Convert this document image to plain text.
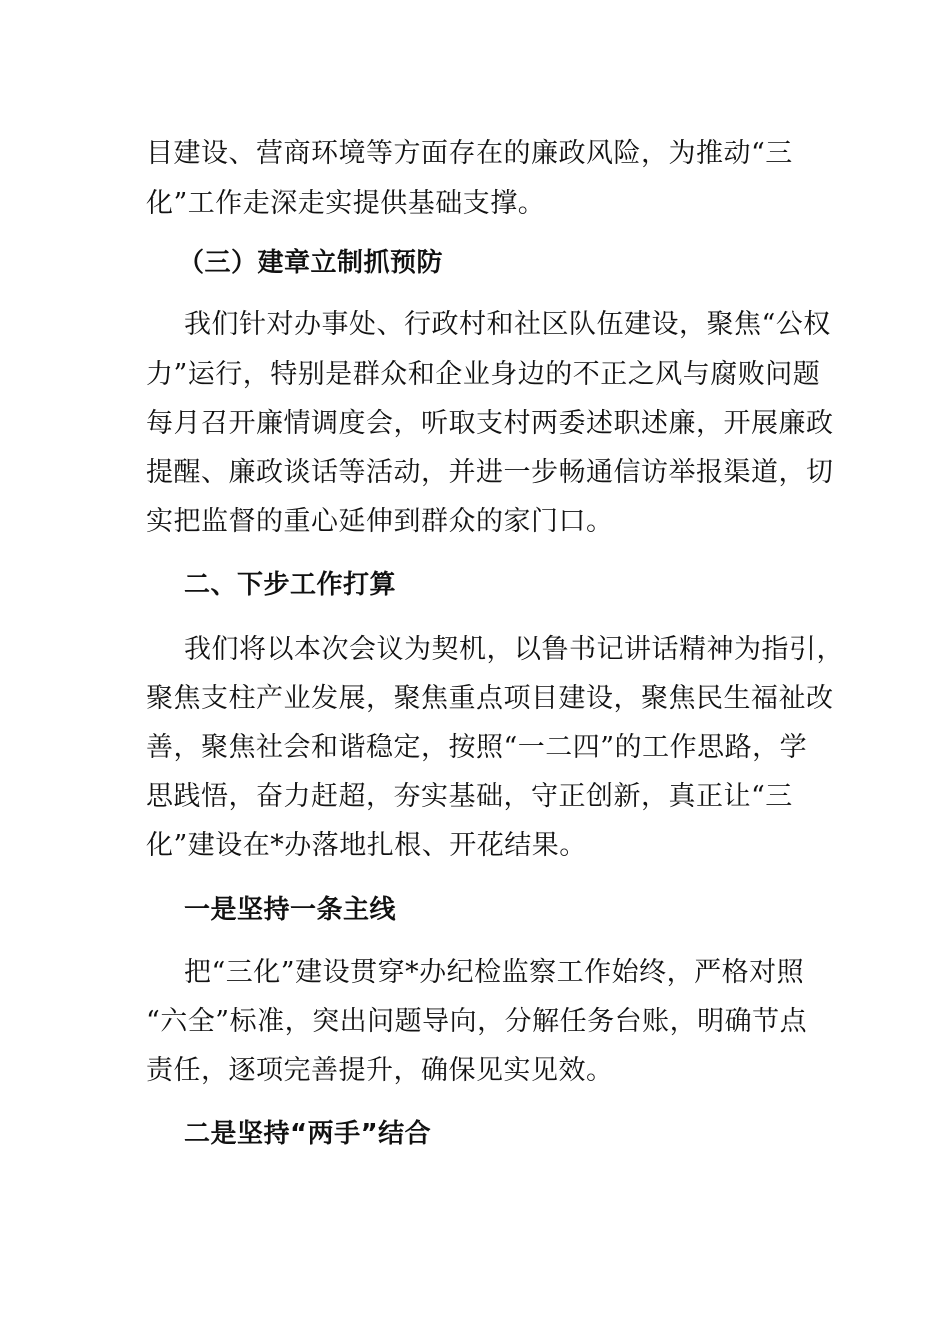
目建设、营商环境等方面存在的廉政风险，为推动“三
化”工作走深走实提供基础支撑。
（三）建章立制抓预防
我们针对办事处、行政村和社区队伍建设，聚焦“公权
力”运行，特别是群众和企业身边的不正之风与腐败问题
每月召开廉情调度会，听取支村两委述职述廉，开展廉政
提醒、廉政谈话等活动，并进一步畅通信访举报渠道，切
实把监督的重心延伸到群众的家门口。
二、下步工作打算
我们将以本次会议为契机，以鲁书记讲话精神为指引，
聚焦支柱产业发展，聚焦重点项目建设，聚焦民生福祉改
善，聚焦社会和谐稳定，按照“一二四”的工作思路，学
思践悟，奋力赶超，夯实基础，守正创新，真正让“三
化”建设在*办落地扎根、开花结果。
一是坚持一条主线
把“三化”建设贯穿*办纪检监察工作始终，严格对照
“六全”标准，突出问题导向，分解任务台账，明确节点
责任，逐项完善提升，确保见实见效。
二是坚持“两手”结合
